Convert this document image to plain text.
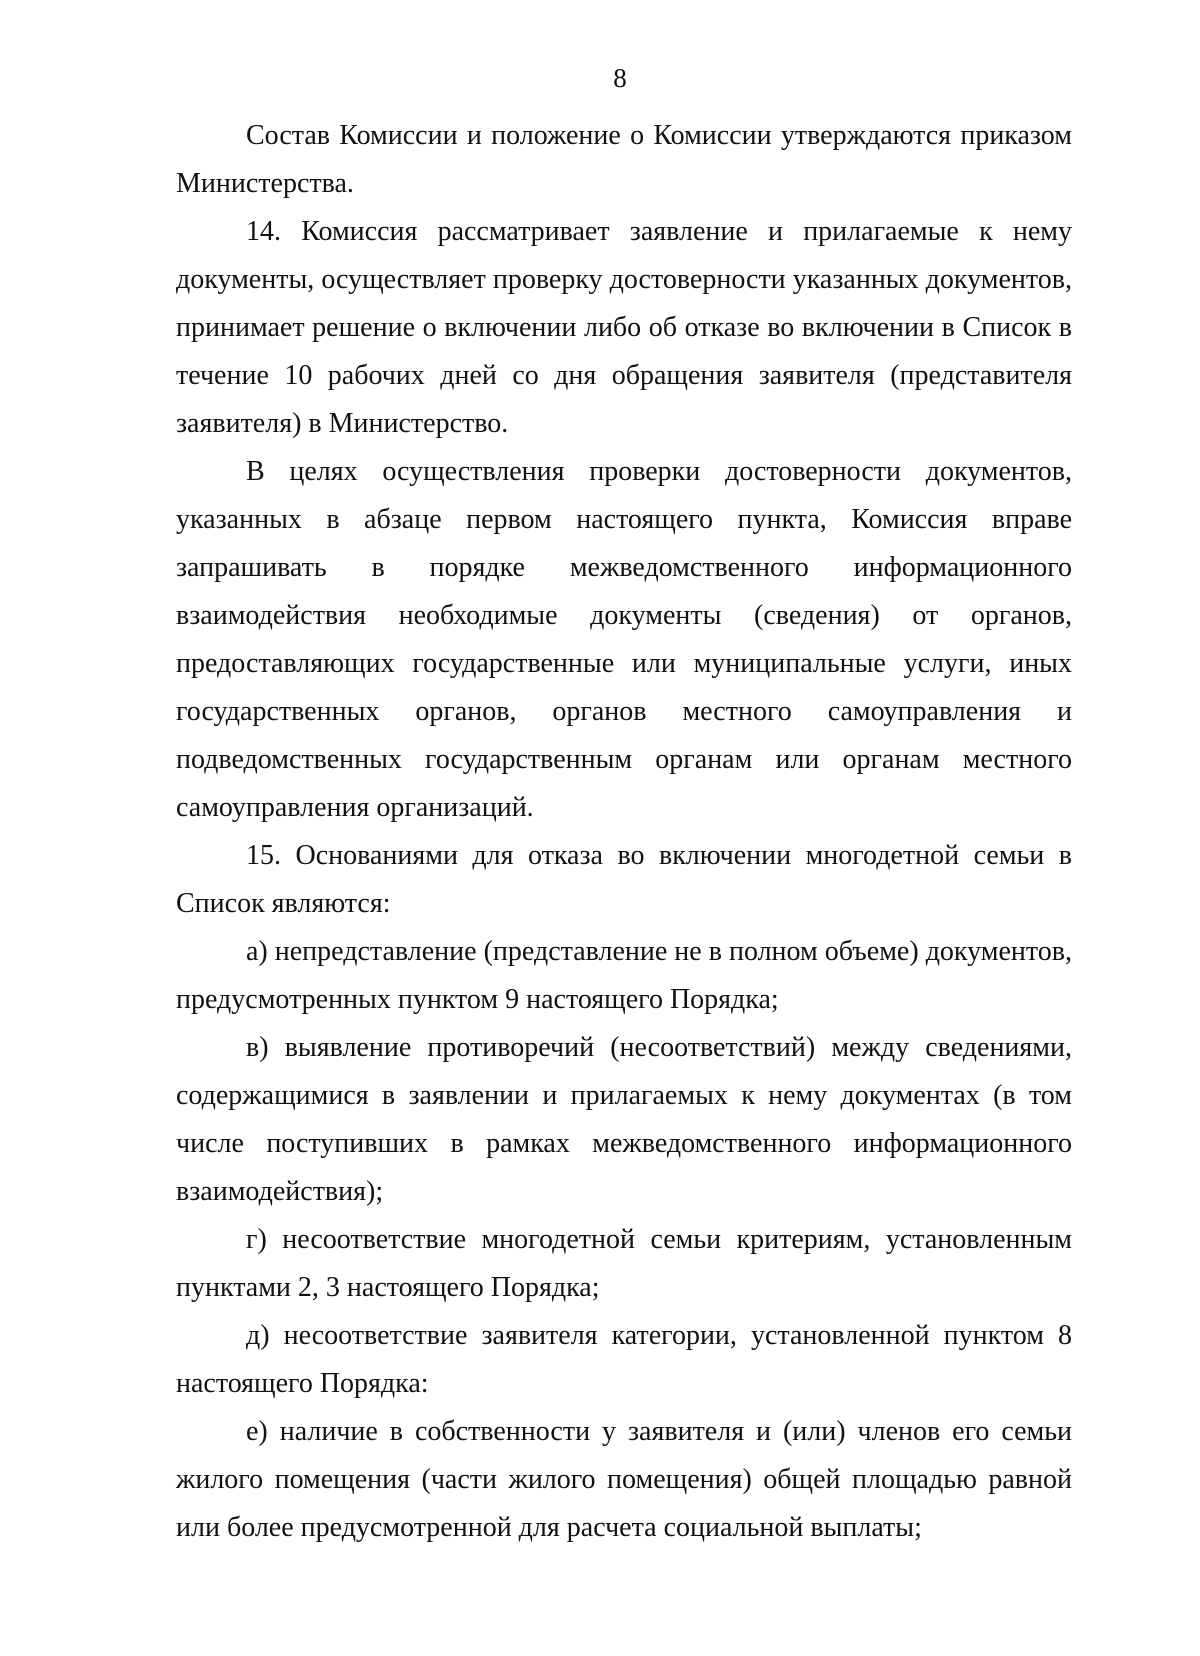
8

Состав Комиссии и положение о Комиссии утверждаются приказом Министерства.

14. Комиссия рассматривает заявление и прилагаемые к нему документы, осуществляет проверку достоверности указанных документов, принимает решение о включении либо об отказе во включении в Список в течение 10 рабочих дней со дня обращения заявителя (представителя заявителя) в Министерство.

В целях осуществления проверки достоверности документов, указанных в абзаце первом настоящего пункта, Комиссия вправе запрашивать в порядке межведомственного информационного взаимодействия необходимые документы (сведения) от органов, предоставляющих государственные или муниципальные услуги, иных государственных органов, органов местного самоуправления и подведомственных государственным органам или органам местного самоуправления организаций.

15. Основаниями для отказа во включении многодетной семьи в Список являются:

а) непредставление (представление не в полном объеме) документов, предусмотренных пунктом 9 настоящего Порядка;

в) выявление противоречий (несоответствий) между сведениями, содержащимися в заявлении и прилагаемых к нему документах (в том числе поступивших в рамках межведомственного информационного взаимодействия);

г) несоответствие многодетной семьи критериям, установленным пунктами 2, 3 настоящего Порядка;

д) несоответствие заявителя категории, установленной пунктом 8 настоящего Порядка:

е) наличие в собственности у заявителя и (или) членов его семьи жилого помещения (части жилого помещения) общей площадью равной или более предусмотренной для расчета социальной выплаты;
